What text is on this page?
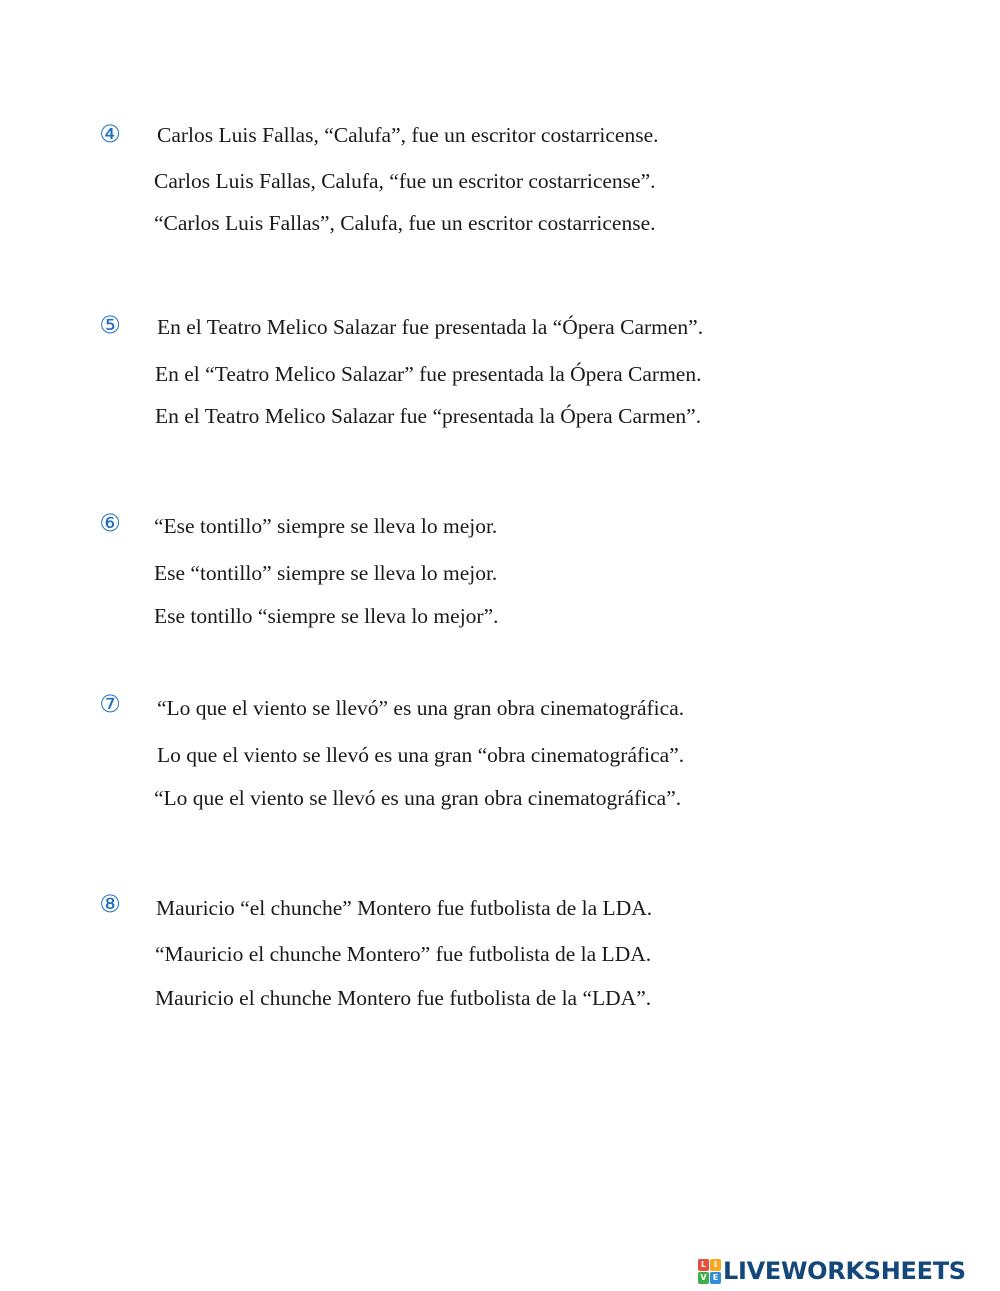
④ Carlos Luis Fallas, “Calufa”, fue un escritor costarricense.
Carlos Luis Fallas, Calufa, “fue un escritor costarricense”.
“Carlos Luis Fallas”, Calufa, fue un escritor costarricense.
⑤ En el Teatro Melico Salazar fue presentada la “Ópera Carmen”.
En el “Teatro Melico Salazar” fue presentada la Ópera Carmen.
En el Teatro Melico Salazar fue “presentada la Ópera Carmen”.
⑥ “Ese tontillo” siempre se lleva lo mejor.
Ese “tontillo” siempre se lleva lo mejor.
Ese tontillo “siempre se lleva lo mejor”.
⑦ “Lo que el viento se llevó” es una gran obra cinematográfica.
Lo que el viento se llevó es una gran “obra cinematográfica”.
“Lo que el viento se llevó es una gran obra cinematográfica”.
⑧ Mauricio “el chunche” Montero fue futbolista de la LDA.
“Mauricio el chunche Montero” fue futbolista de la LDA.
Mauricio el chunche Montero fue futbolista de la “LDA”.
L I
V E LIVEWORKSHEETS
